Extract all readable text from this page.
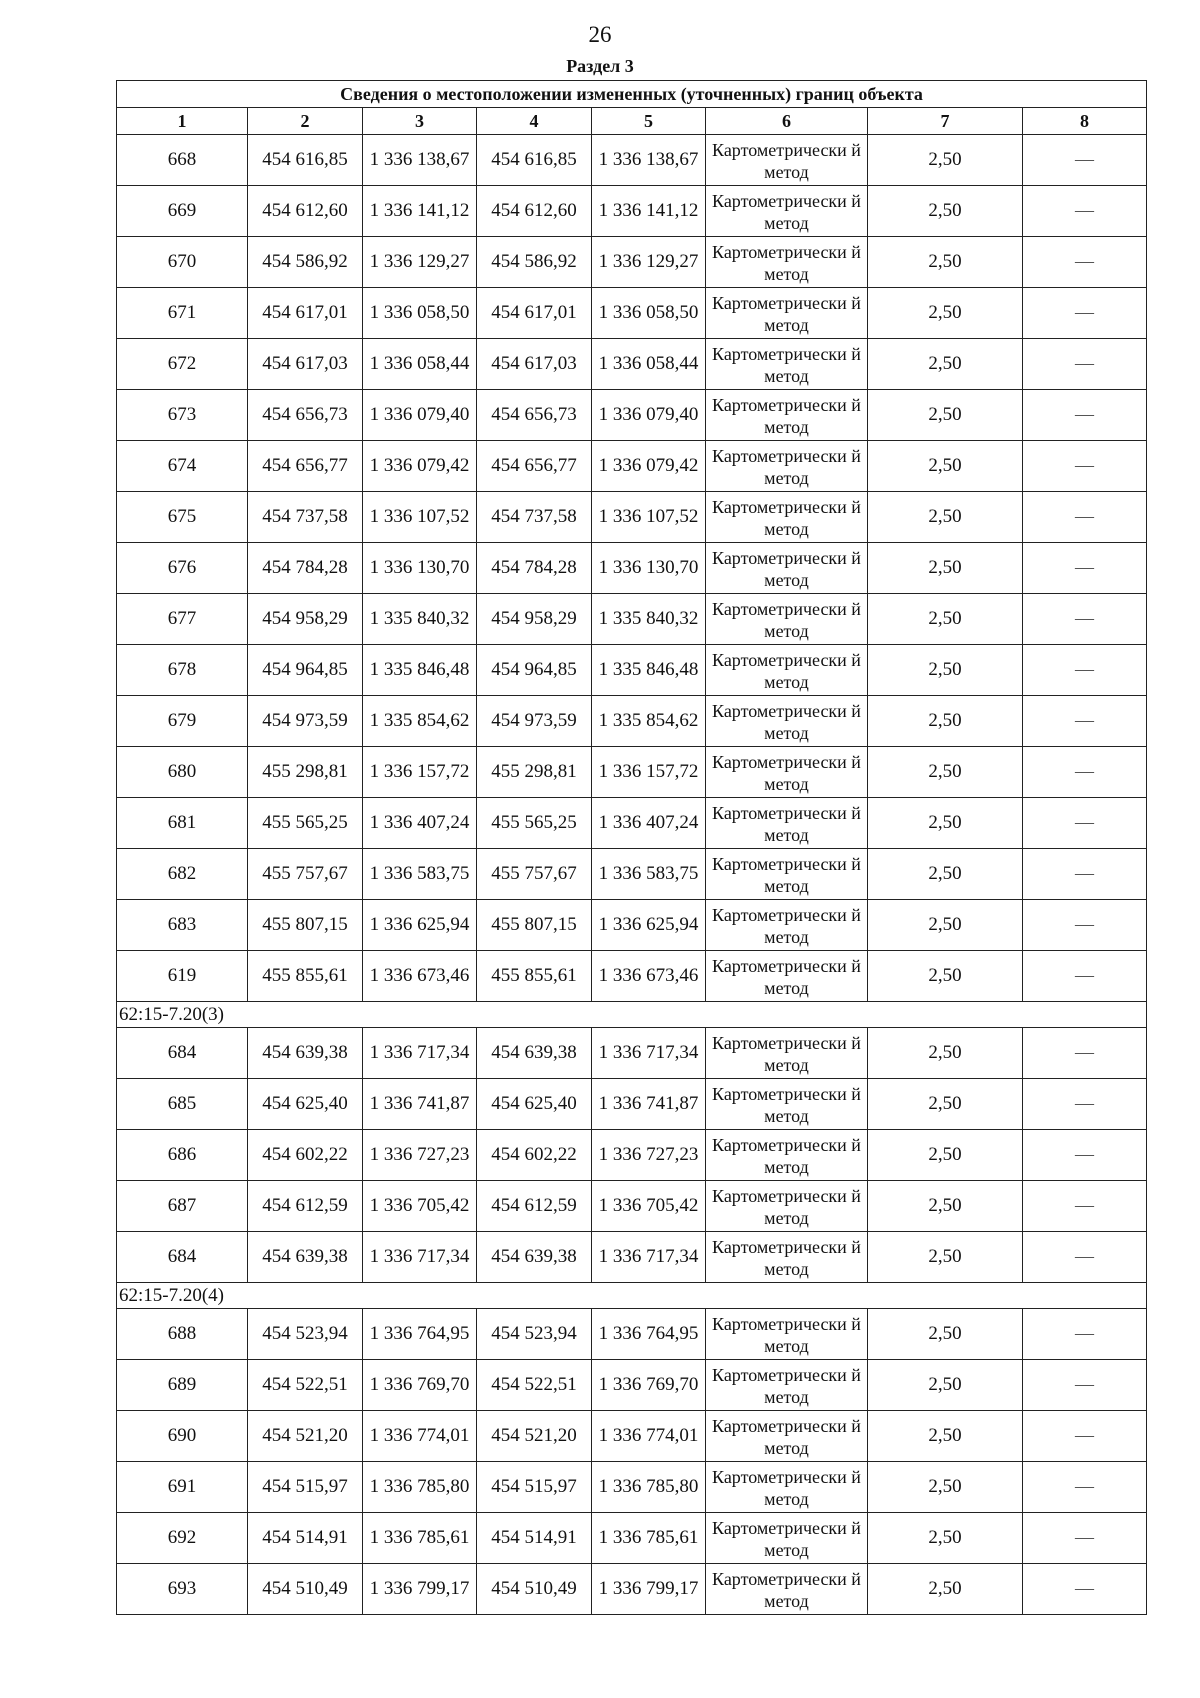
26
Раздел 3
Сведения о местоположении измененных (уточненных) границ объекта							
1	2	3	4	5	6	7	8
668	454 616,85	1 336 138,67	454 616,85	1 336 138,67	Картометрически й метод	2,50	—
669	454 612,60	1 336 141,12	454 612,60	1 336 141,12	Картометрически й метод	2,50	—
670	454 586,92	1 336 129,27	454 586,92	1 336 129,27	Картометрически й метод	2,50	—
671	454 617,01	1 336 058,50	454 617,01	1 336 058,50	Картометрически й метод	2,50	—
672	454 617,03	1 336 058,44	454 617,03	1 336 058,44	Картометрически й метод	2,50	—
673	454 656,73	1 336 079,40	454 656,73	1 336 079,40	Картометрически й метод	2,50	—
674	454 656,77	1 336 079,42	454 656,77	1 336 079,42	Картометрически й метод	2,50	—
675	454 737,58	1 336 107,52	454 737,58	1 336 107,52	Картометрически й метод	2,50	—
676	454 784,28	1 336 130,70	454 784,28	1 336 130,70	Картометрически й метод	2,50	—
677	454 958,29	1 335 840,32	454 958,29	1 335 840,32	Картометрически й метод	2,50	—
678	454 964,85	1 335 846,48	454 964,85	1 335 846,48	Картометрически й метод	2,50	—
679	454 973,59	1 335 854,62	454 973,59	1 335 854,62	Картометрически й метод	2,50	—
680	455 298,81	1 336 157,72	455 298,81	1 336 157,72	Картометрически й метод	2,50	—
681	455 565,25	1 336 407,24	455 565,25	1 336 407,24	Картометрически й метод	2,50	—
682	455 757,67	1 336 583,75	455 757,67	1 336 583,75	Картометрически й метод	2,50	—
683	455 807,15	1 336 625,94	455 807,15	1 336 625,94	Картометрически й метод	2,50	—
619	455 855,61	1 336 673,46	455 855,61	1 336 673,46	Картометрически й метод	2,50	—
62:15-7.20(3)							
684	454 639,38	1 336 717,34	454 639,38	1 336 717,34	Картометрически й метод	2,50	—
685	454 625,40	1 336 741,87	454 625,40	1 336 741,87	Картометрически й метод	2,50	—
686	454 602,22	1 336 727,23	454 602,22	1 336 727,23	Картометрически й метод	2,50	—
687	454 612,59	1 336 705,42	454 612,59	1 336 705,42	Картометрически й метод	2,50	—
684	454 639,38	1 336 717,34	454 639,38	1 336 717,34	Картометрически й метод	2,50	—
62:15-7.20(4)							
688	454 523,94	1 336 764,95	454 523,94	1 336 764,95	Картометрически й метод	2,50	—
689	454 522,51	1 336 769,70	454 522,51	1 336 769,70	Картометрически й метод	2,50	—
690	454 521,20	1 336 774,01	454 521,20	1 336 774,01	Картометрически й метод	2,50	—
691	454 515,97	1 336 785,80	454 515,97	1 336 785,80	Картометрически й метод	2,50	—
692	454 514,91	1 336 785,61	454 514,91	1 336 785,61	Картометрически й метод	2,50	—
693	454 510,49	1 336 799,17	454 510,49	1 336 799,17	Картометрически й метод	2,50	—
